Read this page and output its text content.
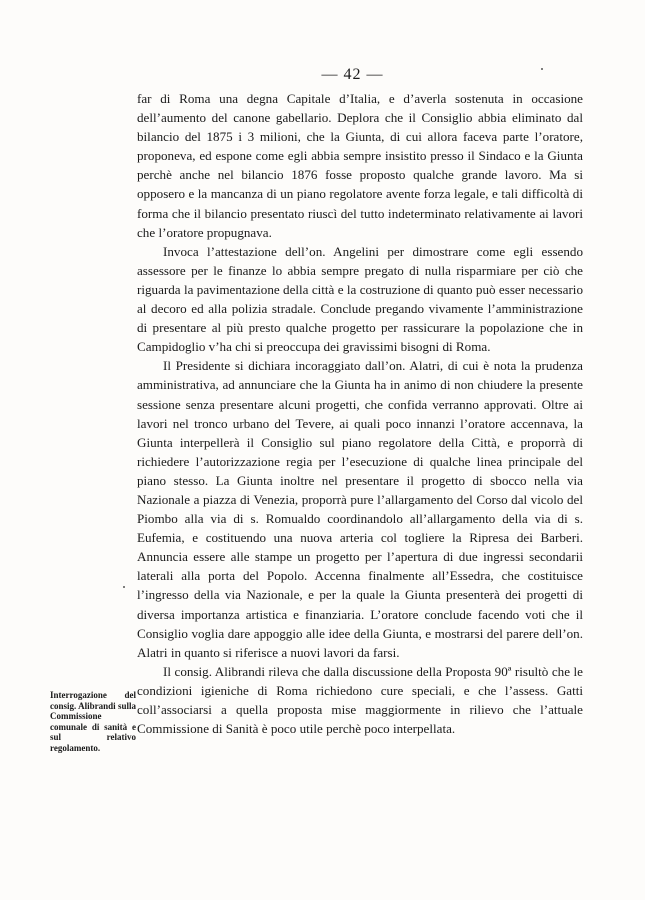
— 42 —

far di Roma una degna Capitale d’Italia, e d’averla sostenuta in occasione dell’aumento del canone gabellario. Deplora che il Consiglio abbia eliminato dal bilancio del 1875 i 3 milioni, che la Giunta, di cui allora faceva parte l’oratore, proponeva, ed espone come egli abbia sempre insistito presso il Sindaco e la Giunta perchè anche nel bilancio 1876 fosse proposto qualche grande lavoro. Ma si opposero e la mancanza di un piano regolatore avente forza legale, e tali difficoltà di forma che il bilancio presentato riuscì del tutto indeterminato relativamente ai lavori che l’oratore propugnava.

Invoca l’attestazione dell’on. Angelini per dimostrare come egli essendo assessore per le finanze lo abbia sempre pregato di nulla risparmiare per ciò che riguarda la pavimentazione della città e la costruzione di quanto può esser necessario al decoro ed alla polizia stradale. Conclude pregando vivamente l’amministrazione di presentare al più presto qualche progetto per rassicurare la popolazione che in Campidoglio v’ha chi si preoccupa dei gravissimi bisogni di Roma.

Il Presidente si dichiara incoraggiato dall’on. Alatri, di cui è nota la prudenza amministrativa, ad annunciare che la Giunta ha in animo di non chiudere la presente sessione senza presentare alcuni progetti, che confida verranno approvati. Oltre ai lavori nel tronco urbano del Tevere, ai quali poco innanzi l’oratore accennava, la Giunta interpellerà il Consiglio sul piano regolatore della Città, e proporrà di richiedere l’autorizzazione regia per l’esecuzione di qualche linea principale del piano stesso. La Giunta inoltre nel presentare il progetto di sbocco nella via Nazionale a piazza di Venezia, proporrà pure l’allargamento del Corso dal vicolo del Piombo alla via di s. Romualdo coordinandolo all’allargamento della via di s. Eufemia, e costituendo una nuova arteria col togliere la Ripresa dei Barberi. Annuncia essere alle stampe un progetto per l’apertura di due ingressi secondarii laterali alla porta del Popolo. Accenna finalmente all’Essedra, che costituisce l’ingresso della via Nazionale, e per la quale la Giunta presenterà dei progetti di diversa importanza artistica e finanziaria. L’oratore conclude facendo voti che il Consiglio voglia dare appoggio alle idee della Giunta, e mostrarsi del parere dell’on. Alatri in quanto si riferisce a nuovi lavori da farsi.

Il consig. Alibrandi rileva che dalla discussione della Proposta 90ª risultò che le condizioni igieniche di Roma richiedono cure speciali, e che l’assess. Gatti coll’associarsi a quella proposta mise maggiormente in rilievo che l’attuale Commissione di Sanità è poco utile perchè poco interpellata.

Interrogazione del consig. Alibrandi sulla Commissione comunale di sanità e sul relativo regolamento.
